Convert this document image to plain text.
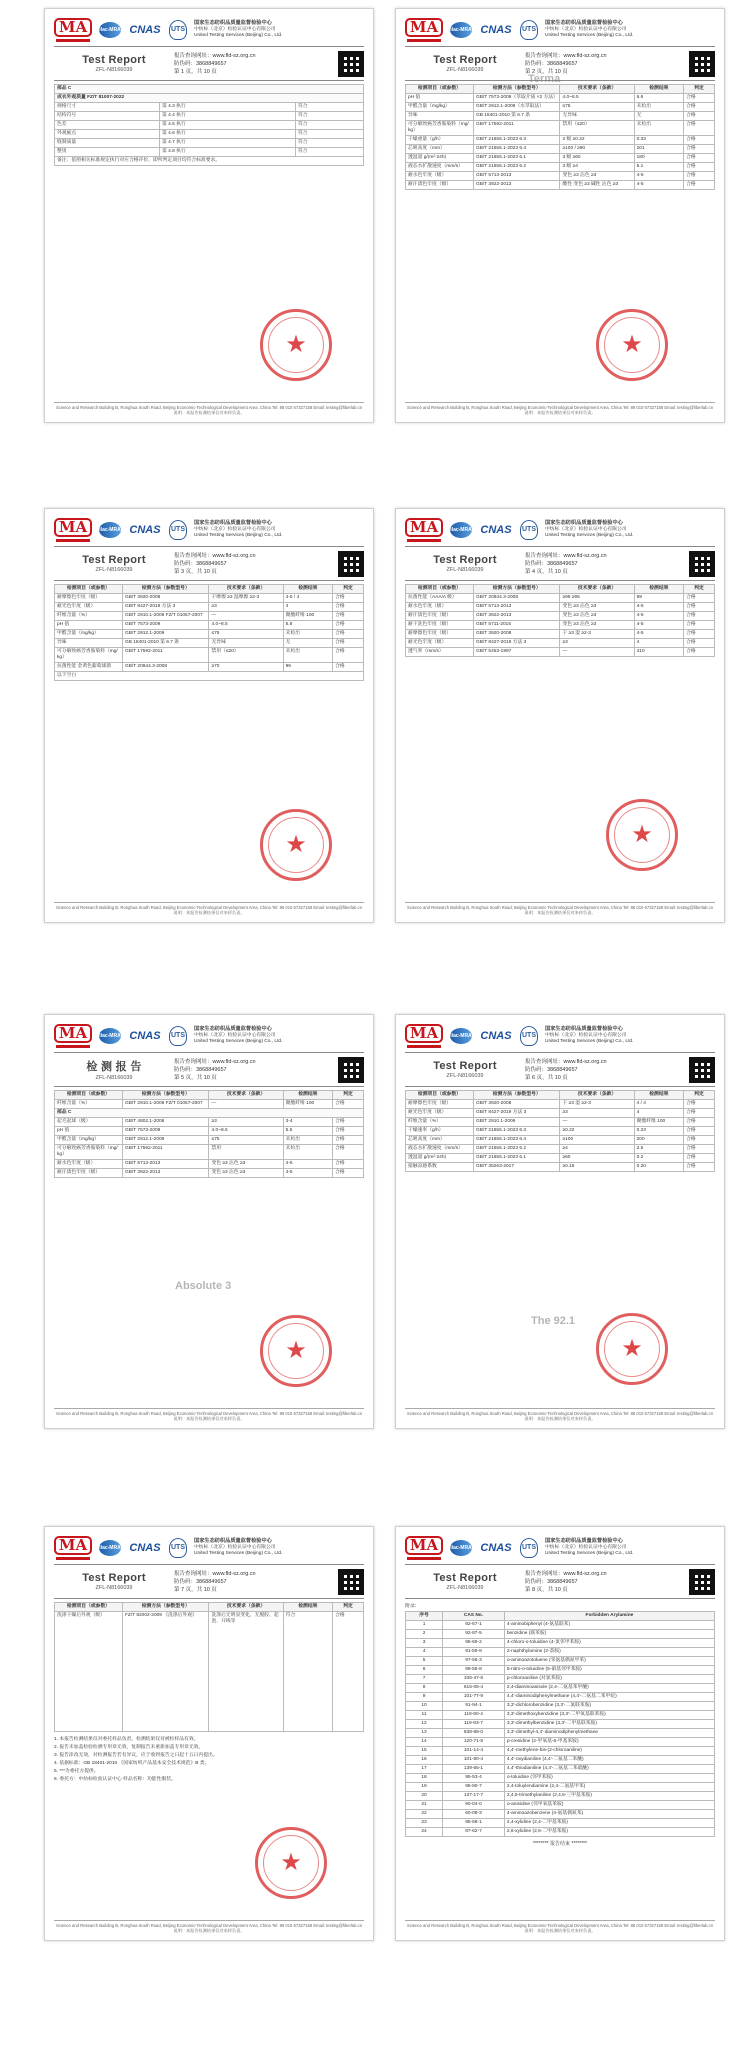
MA	ilac-MRA CNAS UTS
国家生态纺织品质量监督检验中心
中纺标（北京）检验认证中心有限公司
United Testing Services (Beijing) Co., Ltd.
Test Report
ZFL-N8166039
报告查询网址：www.fld-sz.org.cn
防伪码：3868849657
第 1 页，共 10 页
部品 C		
成衣外观质量 FZ/T 81007-2022		
规格尺寸	第 4.3 执行	符合
结构符号	第 4.4 执行	符合
色差	第 4.5 执行	符合
外观疵点	第 4.6 执行	符合
缝制质量	第 4.7 执行	符合
整烫	第 4.8 执行	符合
备注：依照相关标准规定执行对应合格评价，即所判定项目均符合标准要求。		
★
Science and Research Building B, Ronghua South Road, Beijing Economic-Technological Development Area, China Tel: 86 010 67327158 Email: testing@fiberlab.cn 说明：本报告检测结果仅对来样负责。
MA	ilac-MRA CNAS UTS
国家生态纺织品质量监督检验中心
中纺标（北京）检验认证中心有限公司
United Testing Services (Beijing) Co., Ltd.
Test Report
ZFL-N8166039
报告查询网址：www.fld-sz.org.cn
防伪码：3868849657
第 2 页，共 10 页
检测项目（或参数）	检测方法（参数型号）	技术要求（条款）	检测结果	判定
pH 值	GB/T 7573-2009（萃取介质 ×2 方法）	4.0~8.5	6.6	合格
甲醛含量（mg/kg）	GB/T 2912.1-2009（水萃取法）	≤75	未检出	合格
异味	GB 18401-2010 第 6.7 条	无异味	无	合格
可分解致癌芳香胺染料（mg/kg）	GB/T 17592-2011	禁用（≤20）	未检出	合格
干燥重量（g/h）	GB/T 21655.1-2023 6.3	2 级 ≥0.22	0.33	合格
芯吸高度（mm）	GB/T 21655.1-2023 6.4	≥100 / ≥90	201	合格
透湿量 g/(m²·24h)	GB/T 21655.1-2023 6.1	3 级 ≥60	180	合格
液态水扩散速度（mm/s）	GB/T 21655.1-2023 6.2	3 级 ≥4	5.1	合格
耐水色牢度（级）	GB/T 5713-2013	变色 ≥3 沾色 ≥3	4-5	合格
耐汗渍色牢度（级）	GB/T 3922-2013	酸性 变色 ≥3 碱性 沾色 ≥3	4-5	合格
Terma
★
Science and Research Building B, Ronghua South Road, Beijing Economic-Technological Development Area, China Tel: 86 010 67327158 Email: testing@fiberlab.cn 说明：本报告检测结果仅对来样负责。
MA	ilac-MRA CNAS UTS
国家生态纺织品质量监督检验中心
中纺标（北京）检验认证中心有限公司
United Testing Services (Beijing) Co., Ltd.
Test Report
ZFL-N8166039
报告查询网址：www.fld-sz.org.cn
防伪码：3868849657
第 3 页，共 10 页
检测项目（或参数）	检测方法（参数型号）	技术要求（条款）	检测结果	判定
耐摩擦色牢度（级）	GB/T 3920-2008	干摩擦 ≥3 湿摩擦 ≥2-3	4-5 / 4	合格
耐光色牢度（级）	GB/T 8427-2019 方法 3	≥3	4	合格
纤维含量（%）	GB/T 2910.1-2009 FZ/T 01057-2007	—	聚酯纤维 100	合格
pH 值	GB/T 7573-2009	4.0~8.5	5.8	合格
甲醛含量（mg/kg）	GB/T 2912.1-2009	≤75	未检出	合格
异味	GB 18401-2010 第 6.7 条	无异味	无	合格
可分解致癌芳香胺染料（mg/kg）	GB/T 17592-2011	禁用（≤20）	未检出	合格
抗菌性能 金黄色葡萄球菌	GB/T 20944.3-2008	≥70	99	合格
以下空白				
★
Science and Research Building B, Ronghua South Road, Beijing Economic-Technological Development Area, China Tel: 86 010 67327158 Email: testing@fiberlab.cn 说明：本报告检测结果仅对来样负责。
MA	ilac-MRA CNAS UTS
国家生态纺织品质量监督检验中心
中纺标（北京）检验认证中心有限公司
United Testing Services (Beijing) Co., Ltd.
Test Report
ZFL-N8166039
报告查询网址：www.fld-sz.org.cn
防伪码：3868849657
第 4 页，共 10 页
检测项目（或参数）	检测方法（参数型号）	技术要求（条款）	检测结果	判定
抗菌性能（AAA/A 级）	GB/T 20944.3-2008	≥99 ≥95	99	合格
耐水色牢度（级）	GB/T 5713-2013	变色 ≥3 沾色 ≥3	4-5	合格
耐汗渍色牢度（级）	GB/T 3922-2013	变色 ≥3 沾色 ≥3	4-5	合格
耐干洗色牢度（级）	GB/T 5711-2015	变色 ≥3 沾色 ≥3	4-5	合格
耐摩擦色牢度（级）	GB/T 3920-2008	干 ≥3 湿 ≥2-3	4-5	合格
耐光色牢度（级）	GB/T 8427-2019 方法 3	≥3	4	合格
透气率（mm/s）	GB/T 5453-1997	—	410	合格
★
Science and Research Building B, Ronghua South Road, Beijing Economic-Technological Development Area, China Tel: 86 010 67327158 Email: testing@fiberlab.cn 说明：本报告检测结果仅对来样负责。
MA	ilac-MRA CNAS UTS
国家生态纺织品质量监督检验中心
中纺标（北京）检验认证中心有限公司
United Testing Services (Beijing) Co., Ltd.
检 测 报 告
ZFL-N8166039
报告查询网址：www.fld-sz.org.cn
防伪码：3868849657
第 5 页，共 10 页
检测项目（或参数）	检测方法（参数型号）	技术要求（条款）	检测结果	判定
纤维含量（%）	GB/T 2910.1-2009 FZ/T 01057-2007	—	聚酯纤维 100	合格
部品 C				
起毛起球（级）	GB/T 4802.1-2008	≥3	3-4	合格
pH 值	GB/T 7573-2009	4.0~8.5	5.5	合格
甲醛含量（mg/kg）	GB/T 2912.1-2009	≤75	未检出	合格
可分解致癌芳香胺染料（mg/kg）	GB/T 17592-2011	禁用	未检出	合格
耐水色牢度（级）	GB/T 5713-2013	变色 ≥3 沾色 ≥3	4-5	合格
耐汗渍色牢度（级）	GB/T 3922-2013	变色 ≥3 沾色 ≥3	4-5	合格
Absolute 3
★
Science and Research Building B, Ronghua South Road, Beijing Economic-Technological Development Area, China Tel: 86 010 67327158 Email: testing@fiberlab.cn 说明：本报告检测结果仅对来样负责。
MA	ilac-MRA CNAS UTS
国家生态纺织品质量监督检验中心
中纺标（北京）检验认证中心有限公司
United Testing Services (Beijing) Co., Ltd.
Test Report
ZFL-N8166039
报告查询网址：www.fld-sz.org.cn
防伪码：3868849657
第 6 页，共 10 页
检测项目（或参数）	检测方法（参数型号）	技术要求（条款）	检测结果	判定
耐摩擦色牢度（级）	GB/T 3920-2008	干 ≥3 湿 ≥2-3	4 / 4	合格
耐光色牢度（级）	GB/T 8427-2019 方法 3	≥3	4	合格
纤维含量（%）	GB/T 2910.1-2009	—	聚酯纤维 100	合格
干燥速率（g/h）	GB/T 21655.1-2023 6.3	≥0.22	0.23	合格
芯吸高度（mm）	GB/T 21655.1-2023 6.4	≥100	200	合格
液态水扩散速度（mm/s）	GB/T 21655.1-2023 6.2	≥4	2.5	合格
透湿量 g/(m²·24h)	GB/T 21655.1-2023 6.1	≥60	0.2	合格
接触凉感系数	GB/T 35263-2017	≥0.15	0.20	合格
The 92.1
★
Science and Research Building B, Ronghua South Road, Beijing Economic-Technological Development Area, China Tel: 86 010 67327158 Email: testing@fiberlab.cn 说明：本报告检测结果仅对来样负责。
MA	ilac-MRA CNAS UTS
国家生态纺织品质量监督检验中心
中纺标（北京）检验认证中心有限公司
United Testing Services (Beijing) Co., Ltd.
Test Report
ZFL-N8166039
报告查询网址：www.fld-sz.org.cn
防伪码：3868849657
第 7 页，共 10 页
检测项目（或参数）	检测方法（参数型号）	技术要求（条款）	检测结果	判定
洗涤干燥后外观（级）	FZ/T 82002-2009 《洗涤后外观》	洗涤后无明显变化，无脱胶、起泡、开线等	符合	合格
1. 本报告检测结果仅对委托样品负责，检测结果仅对被检样品有效。
2. 报告未加盖检验检测专用章无效，复制报告未重新加盖专用章无效。
3. 报告涂改无效，对检测报告若有异议，应于收到报告之日起十五日内提出。
4. 依据标准：GB 18401-2010 《国家纺织产品基本安全技术规范》B 类。
5. ***为委托方提供。
6. 委托方：中纺标检验认证中心 样品名称：功能性服装。
★
Science and Research Building B, Ronghua South Road, Beijing Economic-Technological Development Area, China Tel: 86 010 67327158 Email: testing@fiberlab.cn 说明：本报告检测结果仅对来样负责。
MA	ilac-MRA CNAS UTS
国家生态纺织品质量监督检验中心
中纺标（北京）检验认证中心有限公司
United Testing Services (Beijing) Co., Ltd.
Test Report
ZFL-N8166039
报告查询网址：www.fld-sz.org.cn
防伪码：3868849657
第 8 页，共 10 页
附录：
序号	CAS No.	Forbidden Arylamine
1	92-67-1	4-aminobiphenyl (4-氨基联苯)
2	92-87-5	benzidine (联苯胺)
3	95-69-2	4-chloro-o-toluidine (4-氯邻甲苯胺)
4	91-59-8	2-naphthylamine (2-萘胺)
5	97-56-3	o-aminoazotoluene (邻氨基偶氮甲苯)
6	99-55-8	5-nitro-o-toluidine (5-硝基邻甲苯胺)
7	106-47-8	p-chloroaniline (对氯苯胺)
8	615-05-4	2,4-diaminoanisole (2,4-二氨基苯甲醚)
9	101-77-9	4,4'-diaminodiphenylmethane (4,4'-二氨基二苯甲烷)
10	91-94-1	3,3'-dichlorobenzidine (3,3'-二氯联苯胺)
11	119-90-4	3,3'-dimethoxybenzidine (3,3'-二甲氧基联苯胺)
12	119-93-7	3,3'-dimethylbenzidine (3,3'-二甲基联苯胺)
13	838-88-0	3,3'-dimethyl-4,4'-diaminodiphenylmethane
14	120-71-8	p-cresidine (2-甲氧基-5-甲基苯胺)
15	101-14-4	4,4'-methylene-bis-(2-chloroaniline)
16	101-80-4	4,4'-oxydianiline (4,4'-二氨基二苯醚)
17	139-65-1	4,4'-thiodianiline (4,4'-二氨基二苯硫醚)
18	95-53-4	o-toluidine (邻甲苯胺)
19	95-80-7	2,4-toluylendiamine (2,4-二氨基甲苯)
20	137-17-7	2,4,5-trimethylaniline (2,4,5-三甲基苯胺)
21	90-04-0	o-anisidine (邻甲氧基苯胺)
22	60-09-3	4-aminoazobenzene (4-氨基偶氮苯)
23	95-68-1	2,4-xylidine (2,4-二甲基苯胺)
24	87-62-7	2,6-xylidine (2,6-二甲基苯胺)
******** 报告结束 ********
Science and Research Building B, Ronghua South Road, Beijing Economic-Technological Development Area, China Tel: 86 010 67327158 Email: testing@fiberlab.cn 说明：本报告检测结果仅对来样负责。
